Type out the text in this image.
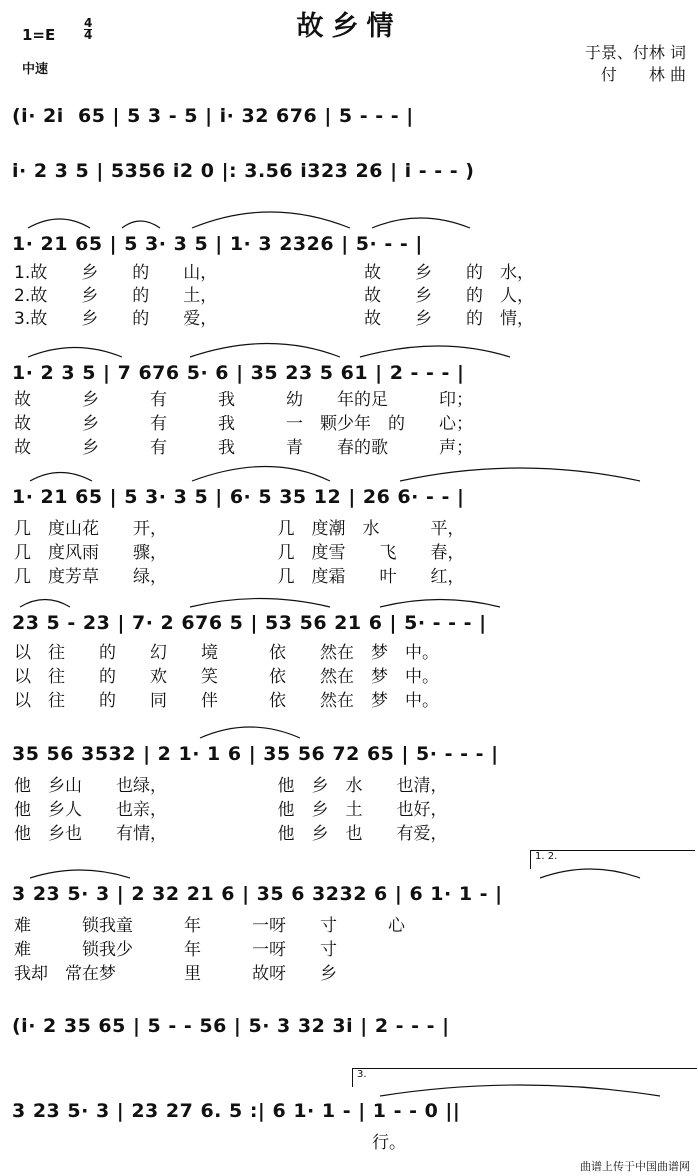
故乡情
1=E
4
4
中速
于景、付林 词
付　　林 曲
(i· 2i  65 | 5 3 - 5 | i· 32 676 | 5 - - - |
i· 2 3 5 | 5356 i2 0 |: 3.56 i323 26 | i - - - )
1· 21 65 | 5 3· 3 5 | 1· 3 2326 | 5· - - |
1· 2 3 5 | 7 676 5· 6 | 35 23 5 61 | 2 - - - |
1· 21 65 | 5 3· 3 5 | 6· 5 35 12 | 26 6· - - |
23 5 - 23 | 7· 2 676 5 | 53 56 21 6 | 5· - - - |
35 56 3532 | 2 1· 1 6 | 35 56 72 65 | 5· - - - |
3 23 5· 3 | 2 32 21 6 | 35 6 3232 6 | 6 1· 1 - |
(i· 2 35 65 | 5 - - 56 | 5· 3 32 3i | 2 - - - |
3 23 5· 3 | 23 27 6. 5 :| 6 1· 1 - | 1 - - 0 ||
1.故　　乡　　的　　山，	故　　乡　　的　水，
2.故　　乡　　的　　土，	故　　乡　　的　人，
3.故　　乡　　的　　爱，	故　　乡　　的　情，
故　　　乡　　　有　　　我　　　幼　　年的足　　　印；
故　　　乡　　　有　　　我　　　一　颗少年　的　　心；
故　　　乡　　　有　　　我　　　青　　春的歌　　　声；
几　度山花　　开，　　　　　　　几　度潮　水　　　平，
几　度风雨　　骤，　　　　　　　几　度雪　　飞　　春，
几　度芳草　　绿，　　　　　　　几　度霜　　叶　　红，
以　往　　的　　幻　　境　　　依　　然在　梦　中。
以　往　　的　　欢　　笑　　　依　　然在　梦　中。
以　往　　的　　同　　伴　　　依　　然在　梦　中。
他　乡山　　也绿，　　　　　　　他　乡　水　　也清，
他　乡人　　也亲，　　　　　　　他　乡　土　　也好，
他　乡也　　有情，　　　　　　　他　乡　也　　有爱，
难　　　锁我童　　　年　　　一呀　　寸　　　心
难　　　锁我少　　　年　　　一呀　　寸
我却　常在梦　　　　里　　　故呀　　乡
行。
1. 2.
3.
曲谱上传于中国曲谱网
